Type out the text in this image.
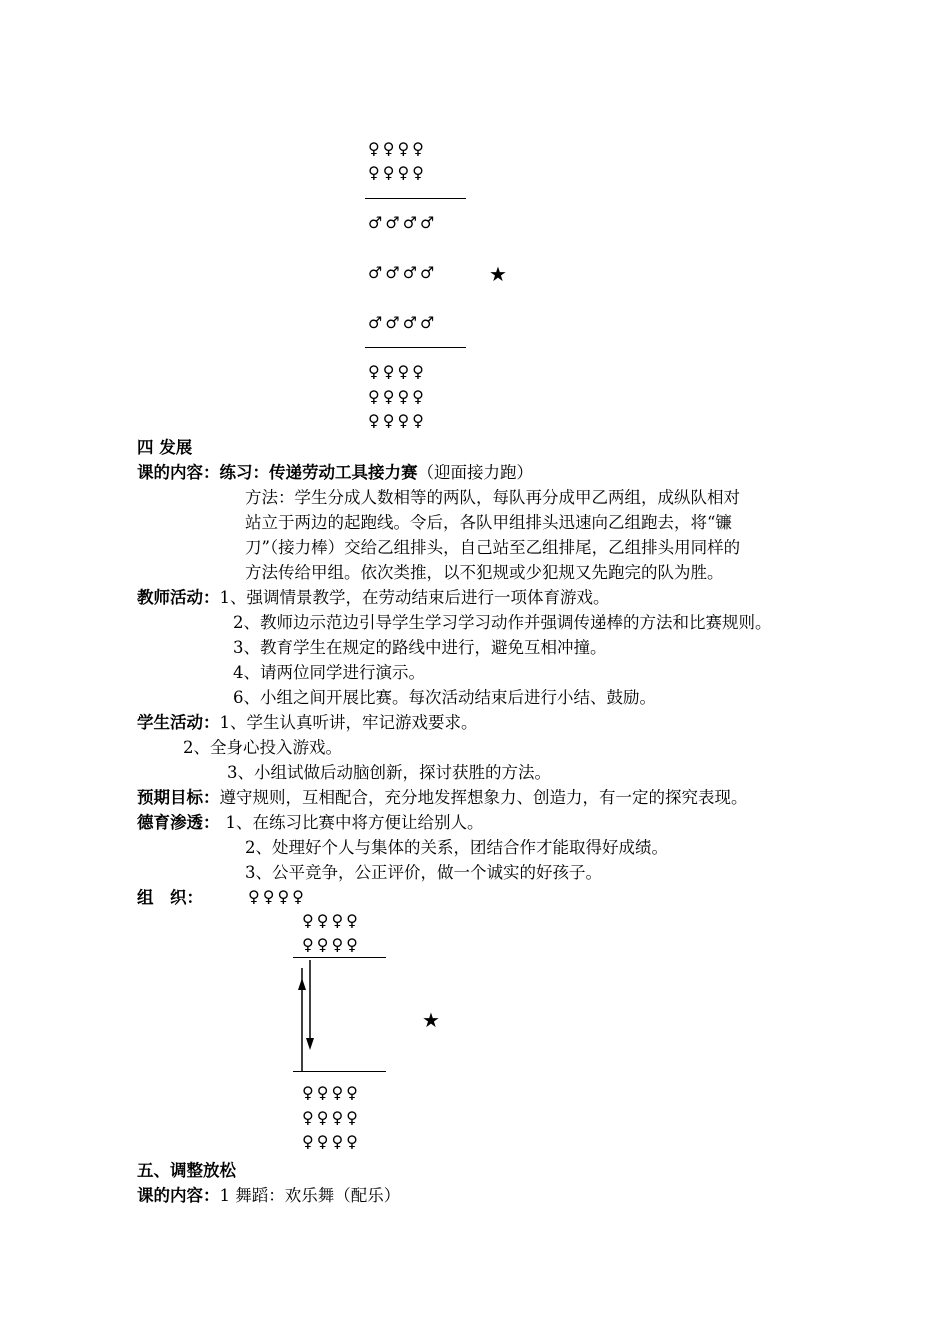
♀♀♀♀
♀♀♀♀
♂♂♂♂
♂♂♂♂	★
♂♂♂♂
♀♀♀♀
♀♀♀♀
♀♀♀♀
四 发展
课的内容：练习：传递劳动工具接力赛（迎面接力跑）
方法：学生分成人数相等的两队，每队再分成甲乙两组，成纵队相对
站立于两边的起跑线。令后，各队甲组排头迅速向乙组跑去，将“镰
刀”（接力棒）交给乙组排头，自己站至乙组排尾，乙组排头用同样的
方法传给甲组。依次类推，以不犯规或少犯规又先跑完的队为胜。
教师活动：1、强调情景教学，在劳动结束后进行一项体育游戏。
2、教师边示范边引导学生学习学习动作并强调传递棒的方法和比赛规则。
3、教育学生在规定的路线中进行，避免互相冲撞。
4、请两位同学进行演示。
6、小组之间开展比赛。每次活动结束后进行小结、鼓励。
学生活动：1、学生认真听讲，牢记游戏要求。
2、全身心投入游戏。
3、小组试做后动脑创新，探讨获胜的方法。
预期目标：遵守规则，互相配合，充分地发挥想象力、创造力，有一定的探究表现。
德育渗透： 1、在练习比赛中将方便让给别人。
2、处理好个人与集体的关系，团结合作才能取得好成绩。
3、公平竞争，公正评价，做一个诚实的好孩子。
组　织：	♀♀♀♀
♀♀♀♀
♀♀♀♀
★
♀♀♀♀
♀♀♀♀
♀♀♀♀
五、调整放松
课的内容：1 舞蹈：欢乐舞（配乐）
